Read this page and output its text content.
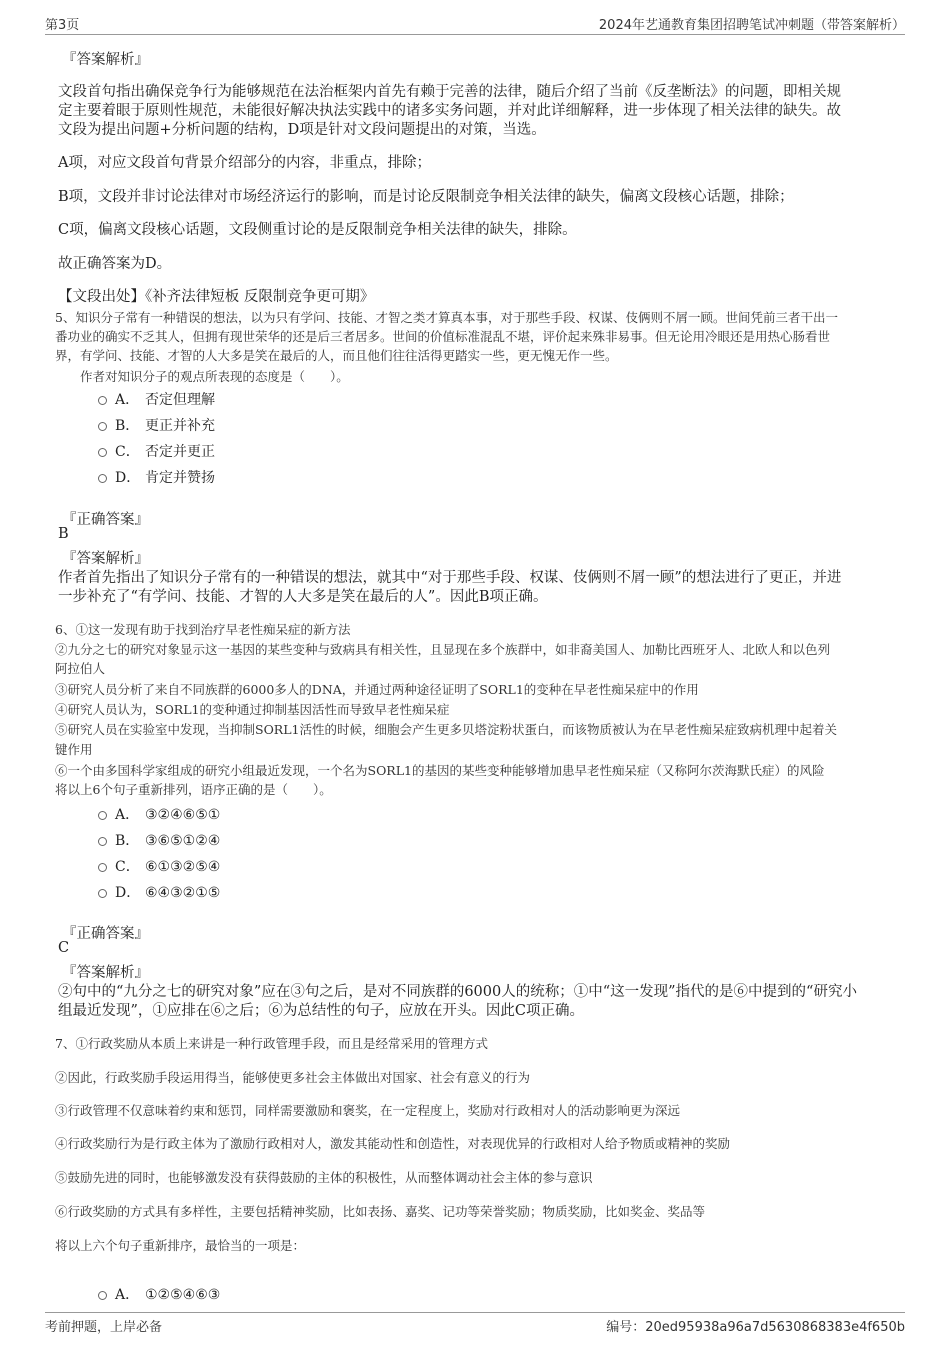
第3页	2024年艺通教育集团招聘笔试冲刺题（带答案解析）
『答案解析』
文段首句指出确保竞争行为能够规范在法治框架内首先有赖于完善的法律，随后介绍了当前《反垄断法》的问题，即相关规
定主要着眼于原则性规范，未能很好解决执法实践中的诸多实务问题，并对此详细解释，进一步体现了相关法律的缺失。故
文段为提出问题+分析问题的结构，D项是针对文段问题提出的对策，当选。
A项，对应文段首句背景介绍部分的内容，非重点，排除；
B项，文段并非讨论法律对市场经济运行的影响，而是讨论反限制竞争相关法律的缺失，偏离文段核心话题，排除；
C项，偏离文段核心话题，文段侧重讨论的是反限制竞争相关法律的缺失，排除。
故正确答案为D。
【文段出处】《补齐法律短板 反限制竞争更可期》
5、知识分子常有一种错误的想法，以为只有学问、技能、才智之类才算真本事，对于那些手段、权谋、伎俩则不屑一顾。世间凭前三者干出一
番功业的确实不乏其人，但拥有现世荣华的还是后三者居多。世间的价值标准混乱不堪，评价起来殊非易事。但无论用冷眼还是用热心肠看世
界，有学问、技能、才智的人大多是笑在最后的人，而且他们往往活得更踏实一些，更无愧无作一些。
作者对知识分子的观点所表现的态度是（　　）。
A． 否定但理解
B． 更正并补充
C． 否定并更正
D． 肯定并赞扬
『正确答案』
B
『答案解析』
作者首先指出了知识分子常有的一种错误的想法，就其中“对于那些手段、权谋、伎俩则不屑一顾”的想法进行了更正，并进
一步补充了“有学问、技能、才智的人大多是笑在最后的人”。因此B项正确。
6、①这一发现有助于找到治疗早老性痴呆症的新方法
②九分之七的研究对象显示这一基因的某些变种与致病具有相关性，且显现在多个族群中，如非裔美国人、加勒比西班牙人、北欧人和以色列
阿拉伯人
③研究人员分析了来自不同族群的6000多人的DNA，并通过两种途径证明了SORL1的变种在早老性痴呆症中的作用
④研究人员认为，SORL1的变种通过抑制基因活性而导致早老性痴呆症
⑤研究人员在实验室中发现，当抑制SORL1活性的时候，细胞会产生更多贝塔淀粉状蛋白，而该物质被认为在早老性痴呆症致病机理中起着关
键作用
⑥一个由多国科学家组成的研究小组最近发现，一个名为SORL1的基因的某些变种能够增加患早老性痴呆症（又称阿尔茨海默氏症）的风险
将以上6个句子重新排列，语序正确的是（　　）。
A． ③②④⑥⑤①
B． ③⑥⑤①②④
C． ⑥①③②⑤④
D． ⑥④③②①⑤
『正确答案』
C
『答案解析』
②句中的“九分之七的研究对象”应在③句之后，是对不同族群的6000人的统称；①中“这一发现”指代的是⑥中提到的“研究小
组最近发现”，①应排在⑥之后；⑥为总结性的句子，应放在开头。因此C项正确。
7、①行政奖励从本质上来讲是一种行政管理手段，而且是经常采用的管理方式
②因此，行政奖励手段运用得当，能够使更多社会主体做出对国家、社会有意义的行为
③行政管理不仅意味着约束和惩罚，同样需要激励和褒奖，在一定程度上，奖励对行政相对人的活动影响更为深远
④行政奖励行为是行政主体为了激励行政相对人，激发其能动性和创造性，对表现优异的行政相对人给予物质或精神的奖励
⑤鼓励先进的同时，也能够激发没有获得鼓励的主体的积极性，从而整体调动社会主体的参与意识
⑥行政奖励的方式具有多样性，主要包括精神奖励，比如表扬、嘉奖、记功等荣誉奖励；物质奖励，比如奖金、奖品等
将以上六个句子重新排序，最恰当的一项是：
A． ①②⑤④⑥③
考前押题，上岸必备	编号：20ed95938a96a7d5630868383e4f650b
